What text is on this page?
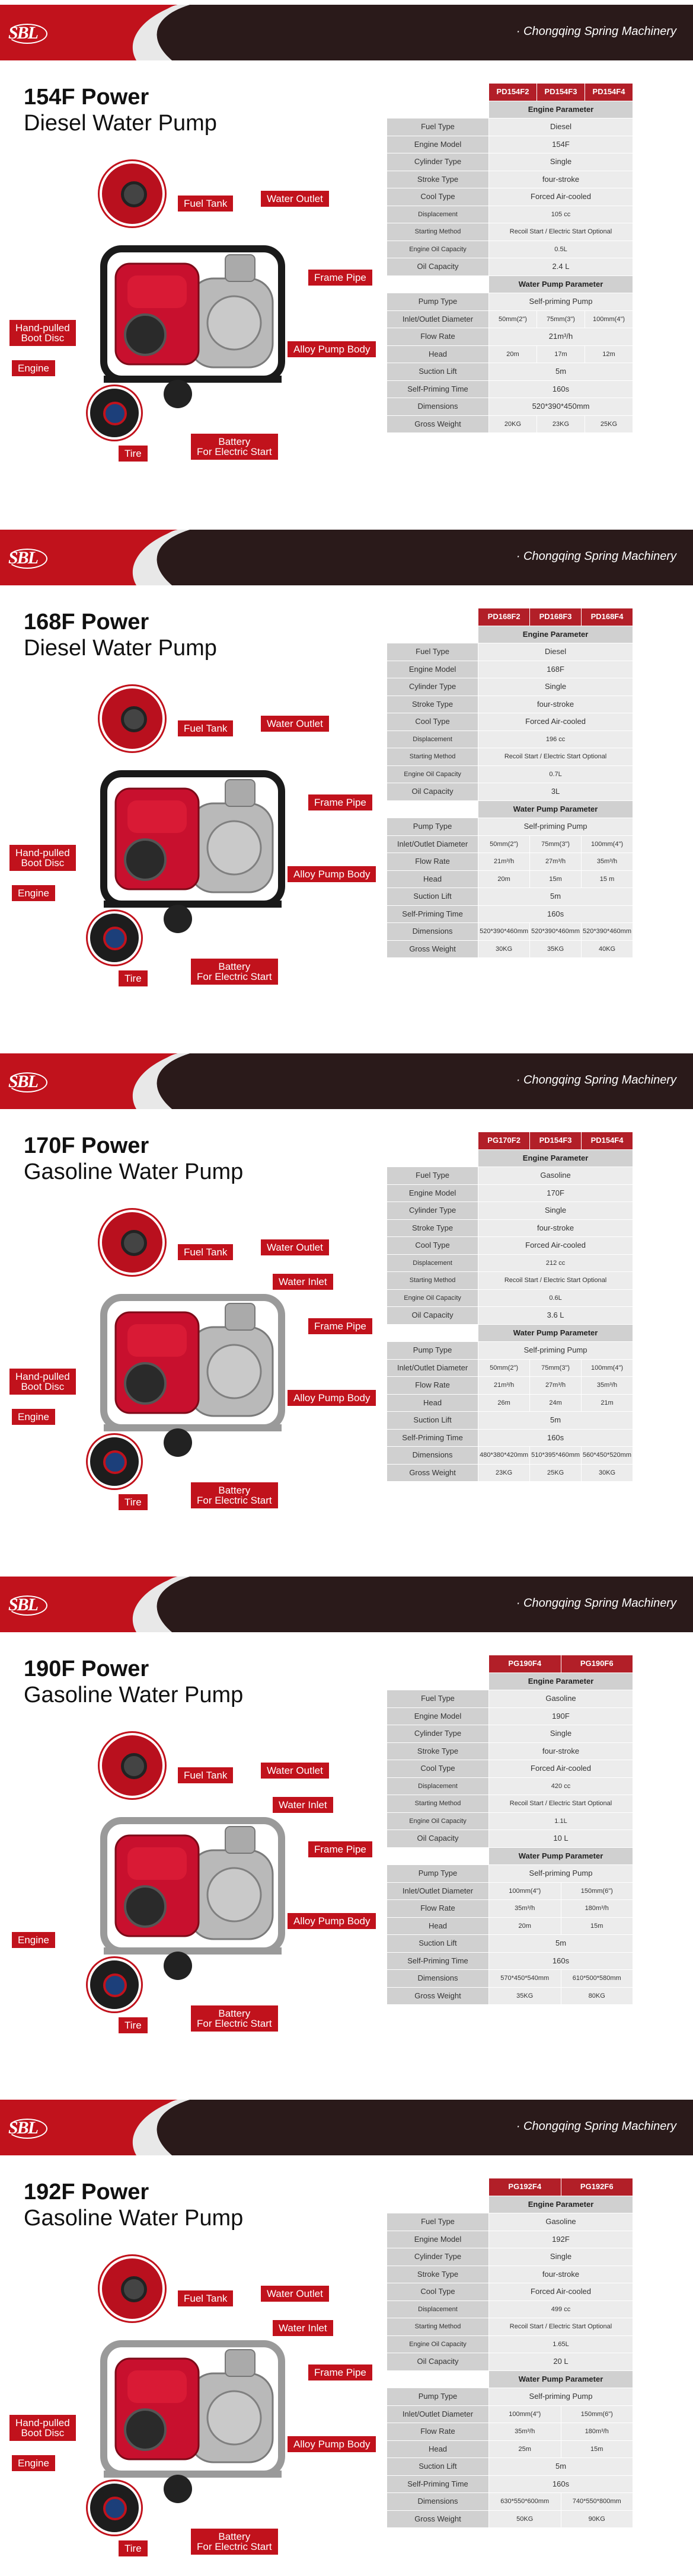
SBL	· Chongqing Spring Machinery
154F Power
Diesel Water Pump
Fuel Tank	Water Outlet
Frame Pipe
Hand-pulled
Boot Disc
Engine
Alloy Pump Body
Tire
Battery
For Electric Start
	PD154F2	PD154F3	PD154F4
	Engine Parameter		
Fuel Type	Diesel		
Engine Model	154F		
Cylinder Type	Single		
Stroke Type	four-stroke		
Cool Type	Forced Air-cooled		
Displacement	105 cc		
Starting Method	Recoil Start / Electric Start Optional		
Engine Oil Capacity	0.5L		
Oil Capacity	2.4 L		
	Water Pump Parameter		
Pump Type	Self-priming Pump		
Inlet/Outlet Diameter	50mm(2")	75mm(3")	100mm(4")
Flow Rate	21m³/h		
Head	20m	17m	12m
Suction Lift	5m		
Self-Priming Time	160s		
Dimensions	520*390*450mm		
Gross Weight	20KG	23KG	25KG
SBL	· Chongqing Spring Machinery
168F Power
Diesel Water Pump
Fuel Tank	Water Outlet
Frame Pipe
Hand-pulled
Boot Disc
Engine
Alloy Pump Body
Tire
Battery
For Electric Start
	PD168F2	PD168F3	PD168F4
	Engine Parameter		
Fuel Type	Diesel		
Engine Model	168F		
Cylinder Type	Single		
Stroke Type	four-stroke		
Cool Type	Forced Air-cooled		
Displacement	196 cc		
Starting Method	Recoil Start / Electric Start Optional		
Engine Oil Capacity	0.7L		
Oil Capacity	3L		
	Water Pump Parameter		
Pump Type	Self-priming Pump		
Inlet/Outlet Diameter	50mm(2")	75mm(3")	100mm(4")
Flow Rate	21m³/h	27m³/h	35m³/h
Head	20m	15m	15 m
Suction Lift	5m		
Self-Priming Time	160s		
Dimensions	520*390*460mm	520*390*460mm	520*390*460mm
Gross Weight	30KG	35KG	40KG
SBL	· Chongqing Spring Machinery
170F Power
Gasoline Water Pump
Fuel Tank	Water Outlet
Water Inlet
Frame Pipe
Hand-pulled
Boot Disc
Engine
Alloy Pump Body
Tire
Battery
For Electric Start
	PG170F2	PD154F3	PD154F4
	Engine Parameter		
Fuel Type	Gasoline		
Engine Model	170F		
Cylinder Type	Single		
Stroke Type	four-stroke		
Cool Type	Forced Air-cooled		
Displacement	212 cc		
Starting Method	Recoil Start / Electric Start Optional		
Engine Oil Capacity	0.6L		
Oil Capacity	3.6 L		
	Water Pump Parameter		
Pump Type	Self-priming Pump		
Inlet/Outlet Diameter	50mm(2")	75mm(3")	100mm(4")
Flow Rate	21m³/h	27m³/h	35m³/h
Head	26m	24m	21m
Suction Lift	5m		
Self-Priming Time	160s		
Dimensions	480*380*420mm	510*395*460mm	560*450*520mm
Gross Weight	23KG	25KG	30KG
SBL	· Chongqing Spring Machinery
190F Power
Gasoline Water Pump
Fuel Tank	Water Outlet
Water Inlet
Frame Pipe
Engine
Alloy Pump Body
Tire
Battery
For Electric Start
	PG190F4	PG190F6
	Engine Parameter	
Fuel Type	Gasoline	
Engine Model	190F	
Cylinder Type	Single	
Stroke Type	four-stroke	
Cool Type	Forced Air-cooled	
Displacement	420 cc	
Starting Method	Recoil Start / Electric Start Optional	
Engine Oil Capacity	1.1L	
Oil Capacity	10 L	
	Water Pump Parameter	
Pump Type	Self-priming Pump	
Inlet/Outlet Diameter	100mm(4")	150mm(6")
Flow Rate	35m³/h	180m³/h
Head	20m	15m
Suction Lift	5m	
Self-Priming Time	160s	
Dimensions	570*450*540mm	610*500*580mm
Gross Weight	35KG	80KG
SBL	· Chongqing Spring Machinery
192F Power
Gasoline Water Pump
Fuel Tank	Water Outlet
Water Inlet
Frame Pipe
Hand-pulled
Boot Disc
Engine
Alloy Pump Body
Tire
Battery
For Electric Start
	PG192F4	PG192F6
	Engine Parameter	
Fuel Type	Gasoline	
Engine Model	192F	
Cylinder Type	Single	
Stroke Type	four-stroke	
Cool Type	Forced Air-cooled	
Displacement	499 cc	
Starting Method	Recoil Start / Electric Start Optional	
Engine Oil Capacity	1.65L	
Oil Capacity	20 L	
	Water Pump Parameter	
Pump Type	Self-priming Pump	
Inlet/Outlet Diameter	100mm(4")	150mm(6")
Flow Rate	35m³/h	180m³/h
Head	25m	15m
Suction Lift	5m	
Self-Priming Time	160s	
Dimensions	630*550*600mm	740*550*800mm
Gross Weight	50KG	90KG
